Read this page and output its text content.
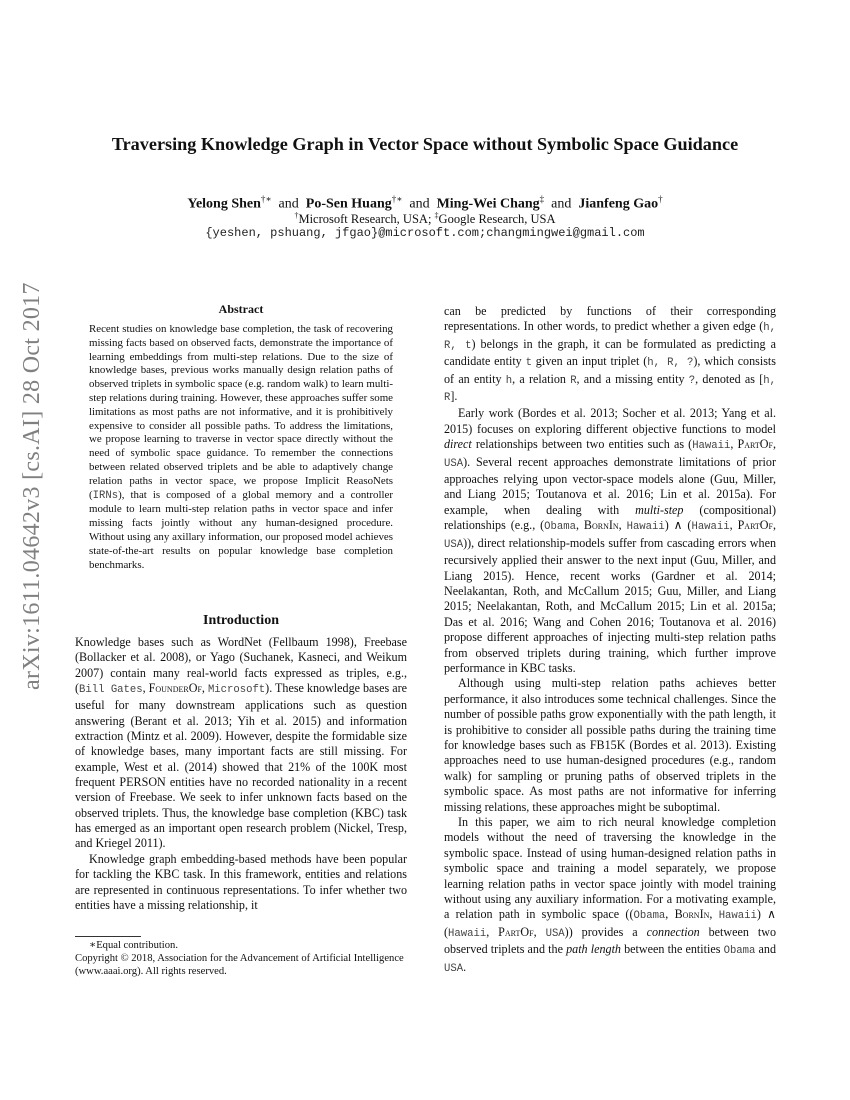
arXiv:1611.04642v3 [cs.AI] 28 Oct 2017
Traversing Knowledge Graph in Vector Space without Symbolic Space Guidance
Yelong Shen†∗ and Po-Sen Huang†∗ and Ming-Wei Chang‡ and Jianfeng Gao†
†Microsoft Research, USA; ‡Google Research, USA
{yeshen, pshuang, jfgao}@microsoft.com;changmingwei@gmail.com
Abstract
Recent studies on knowledge base completion, the task of recovering missing facts based on observed facts, demonstrate the importance of learning embeddings from multi-step relations. Due to the size of knowledge bases, previous works manually design relation paths of observed triplets in symbolic space (e.g. random walk) to learn multi-step relations during training. However, these approaches suffer some limitations as most paths are not informative, and it is prohibitively expensive to consider all possible paths. To address the limitations, we propose learning to traverse in vector space directly without the need of symbolic space guidance. To remember the connections between related observed triplets and be able to adaptively change relation paths in vector space, we propose Implicit ReasoNets (IRNs), that is composed of a global memory and a controller module to learn multi-step relation paths in vector space and infer missing facts jointly without any human-designed procedure. Without using any axillary information, our proposed model achieves state-of-the-art results on popular knowledge base completion benchmarks.
Introduction

Knowledge bases such as WordNet (Fellbaum 1998), Freebase (Bollacker et al. 2008), or Yago (Suchanek, Kasneci, and Weikum 2007) contain many real-world facts expressed as triples, e.g., (Bill Gates, FounderOf, Microsoft). These knowledge bases are useful for many downstream applications such as question answering (Berant et al. 2013; Yih et al. 2015) and information extraction (Mintz et al. 2009). However, despite the formidable size of knowledge bases, many important facts are still missing. For example, West et al. (2014) showed that 21% of the 100K most frequent PERSON entities have no recorded nationality in a recent version of Freebase. We seek to infer unknown facts based on the observed triplets. Thus, the knowledge base completion (KBC) task has emerged as an important open research problem (Nickel, Tresp, and Kriegel 2011).

Knowledge graph embedding-based methods have been popular for tackling the KBC task. In this framework, entities and relations are represented in continuous representations. To infer whether two entities have a missing relationship, it

∗Equal contribution.
Copyright © 2018, Association for the Advancement of Artificial Intelligence (www.aaai.org). All rights reserved.

can be predicted by functions of their corresponding representations. In other words, to predict whether a given edge (h, R, t) belongs in the graph, it can be formulated as predicting a candidate entity t given an input triplet (h, R, ?), which consists of an entity h, a relation R, and a missing entity ?, denoted as [h, R].

Early work (Bordes et al. 2013; Socher et al. 2013; Yang et al. 2015) focuses on exploring different objective functions to model direct relationships between two entities such as (Hawaii, PartOf, USA). Several recent approaches demonstrate limitations of prior approaches relying upon vector-space models alone (Guu, Miller, and Liang 2015; Toutanova et al. 2016; Lin et al. 2015a). For example, when dealing with multi-step (compositional) relationships (e.g., (Obama, BornIn, Hawaii) ∧ (Hawaii, PartOf, USA)), direct relationship-models suffer from cascading errors when recursively applied their answer to the next input (Guu, Miller, and Liang 2015). Hence, recent works (Gardner et al. 2014; Neelakantan, Roth, and McCallum 2015; Guu, Miller, and Liang 2015; Neelakantan, Roth, and McCallum 2015; Lin et al. 2015a; Das et al. 2016; Wang and Cohen 2016; Toutanova et al. 2016) propose different approaches of injecting multi-step relation paths from observed triplets during training, which further improve performance in KBC tasks.

Although using multi-step relation paths achieves better performance, it also introduces some technical challenges. Since the number of possible paths grow exponentially with the path length, it is prohibitive to consider all possible paths during the training time for knowledge bases such as FB15K (Bordes et al. 2013). Existing approaches need to use human-designed procedures (e.g., random walk) for sampling or pruning paths of observed triplets in the symbolic space. As most paths are not informative for inferring missing relations, these approaches might be suboptimal.

In this paper, we aim to rich neural knowledge completion models without the need of traversing the knowledge in the symbolic space. Instead of using human-designed relation paths in symbolic space and training a model separately, we propose learning relation paths in vector space jointly with model training without using any auxiliary information. For a motivating example, a relation path in symbolic space ((Obama, BornIn, Hawaii) ∧ (Hawaii, PartOf, USA)) provides a connection between two observed triplets and the path length between the entities Obama and USA.
